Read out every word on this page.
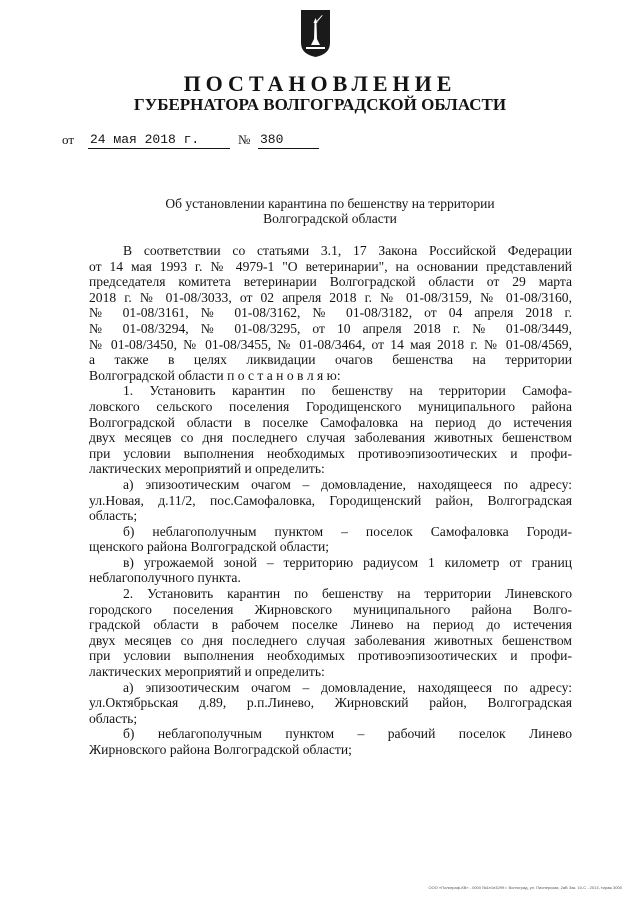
ПОСТАНОВЛЕНИЕ
ГУБЕРНАТОРА ВОЛГОГРАДСКОЙ ОБЛАСТИ
от 24 мая 2018 г.	№ 380
Об установлении карантина по бешенству на территории
Волгоградской области

В соответствии со статьями 3.1, 17 Закона Российской Федерации

от 14 мая 1993 г. № 4979-1 "О ветеринарии", на основании представлений

председателя комитета ветеринарии Волгоградской области от 29 марта

2018 г. № 01-08/3033, от 02 апреля 2018 г. № 01-08/3159, № 01-08/3160,

№ 01-08/3161, № 01-08/3162, № 01-08/3182, от 04 апреля 2018 г.

№ 01-08/3294, № 01-08/3295, от 10 апреля 2018 г. № 01-08/3449,

№ 01-08/3450, № 01-08/3455, № 01-08/3464, от 14 мая 2018 г. № 01-08/4569,

а также в целях ликвидации очагов бешенства на территории

Волгоградской области п о с т а н о в л я ю:

1. Установить карантин по бешенству на территории Самофа-

ловского сельского поселения Городищенского муниципального района

Волгоградской области в поселке Самофаловка на период до истечения

двух месяцев со дня последнего случая заболевания животных бешенством

при условии выполнения необходимых противоэпизоотических и профи-

лактических мероприятий и определить:

а) эпизоотическим очагом – домовладение, находящееся по адресу:

ул.Новая, д.11/2, пос.Самофаловка, Городищенский район, Волгоградская

область;

б) неблагополучным пунктом – поселок Самофаловка Городи-

щенского района Волгоградской области;

в) угрожаемой зоной – территорию радиусом 1 километр от границ

неблагополучного пункта.

2. Установить карантин по бешенству на территории Линевского

городского поселения Жирновского муниципального района Волго-

градской области в рабочем поселке Линево на период до истечения

двух месяцев со дня последнего случая заболевания животных бешенством

при условии выполнения необходимых противоэпизоотических и профи-

лактических мероприятий и определить:

а) эпизоотическим очагом – домовладение, находящееся по адресу:

ул.Октябрьская д.89, р.п.Линево, Жирновский район, Волгоградская

область;

б) неблагополучным пунктом – рабочий поселок Линево

Жирновского района Волгоградской области;

ООО «Полиграф-КВ» - 0000 №1е1е3299 г. Волгоград, ул. Пионерская, 2аВ Зак. 10-С - 2013, тираж 3000
